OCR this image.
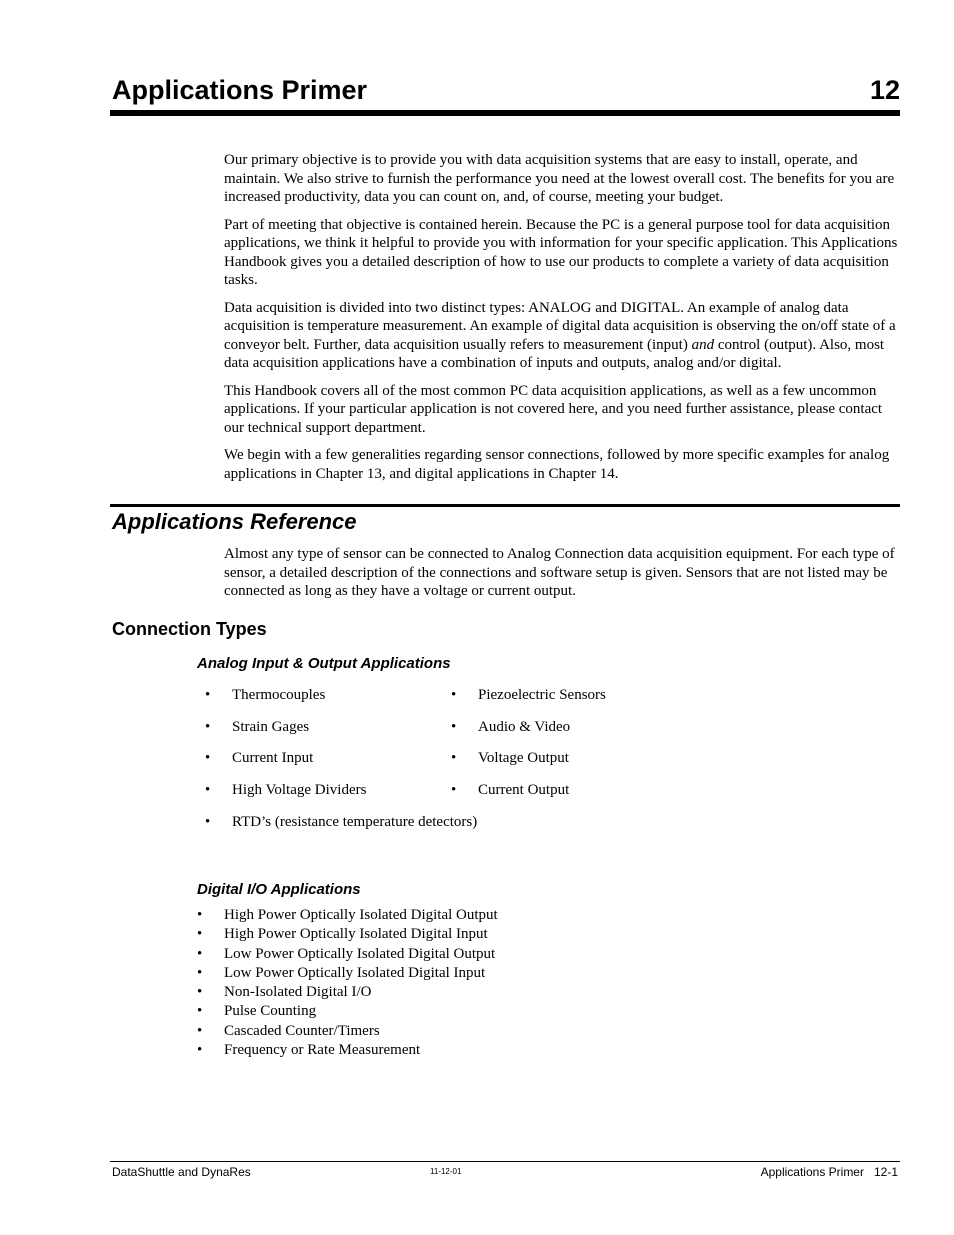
Applications Primer	12

Our primary objective is to provide you with data acquisition systems that are easy to install, operate, and maintain. We also strive to furnish the performance you need at the lowest overall cost. The benefits for you are increased productivity, data you can count on, and, of course, meeting your budget.

Part of meeting that objective is contained herein. Because the PC is a general purpose tool for data acquisition applications, we think it helpful to provide you with information for your specific application. This Applications Handbook gives you a detailed description of how to use our products to complete a variety of data acquisition tasks.

Data acquisition is divided into two distinct types: ANALOG and DIGITAL. An example of analog data acquisition is temperature measurement. An example of digital data acquisition is observing the on/off state of a conveyor belt. Further, data acquisition usually refers to measurement (input) and control (output). Also, most data acquisition applications have a combination of inputs and outputs, analog and/or digital.

This Handbook covers all of the most common PC data acquisition applications, as well as a few uncommon applications. If your particular application is not covered here, and you need further assistance, please contact our technical support department.

We begin with a few generalities regarding sensor connections, followed by more specific examples for analog applications in Chapter 13, and digital applications in Chapter 14.

Applications Reference

Almost any type of sensor can be connected to Analog Connection data acquisition equipment. For each type of sensor, a detailed description of the connections and software setup is given. Sensors that are not listed may be connected as long as they have a voltage or current output.

Connection Types
Analog Input & Output Applications
• Thermocouples
• Strain Gages
• Current Input
• High Voltage Dividers
• RTD’s (resistance temperature detectors)
• Piezoelectric Sensors
• Audio & Video
• Voltage Output
• Current Output
Digital I/O Applications
• High Power Optically Isolated Digital Output
• High Power Optically Isolated Digital Input
• Low Power Optically Isolated Digital Output
• Low Power Optically Isolated Digital Input
• Non-Isolated Digital I/O
• Pulse Counting
• Cascaded Counter/Timers
• Frequency or Rate Measurement
DataShuttle and DynaRes	11-12-01	Applications Primer   12-1
